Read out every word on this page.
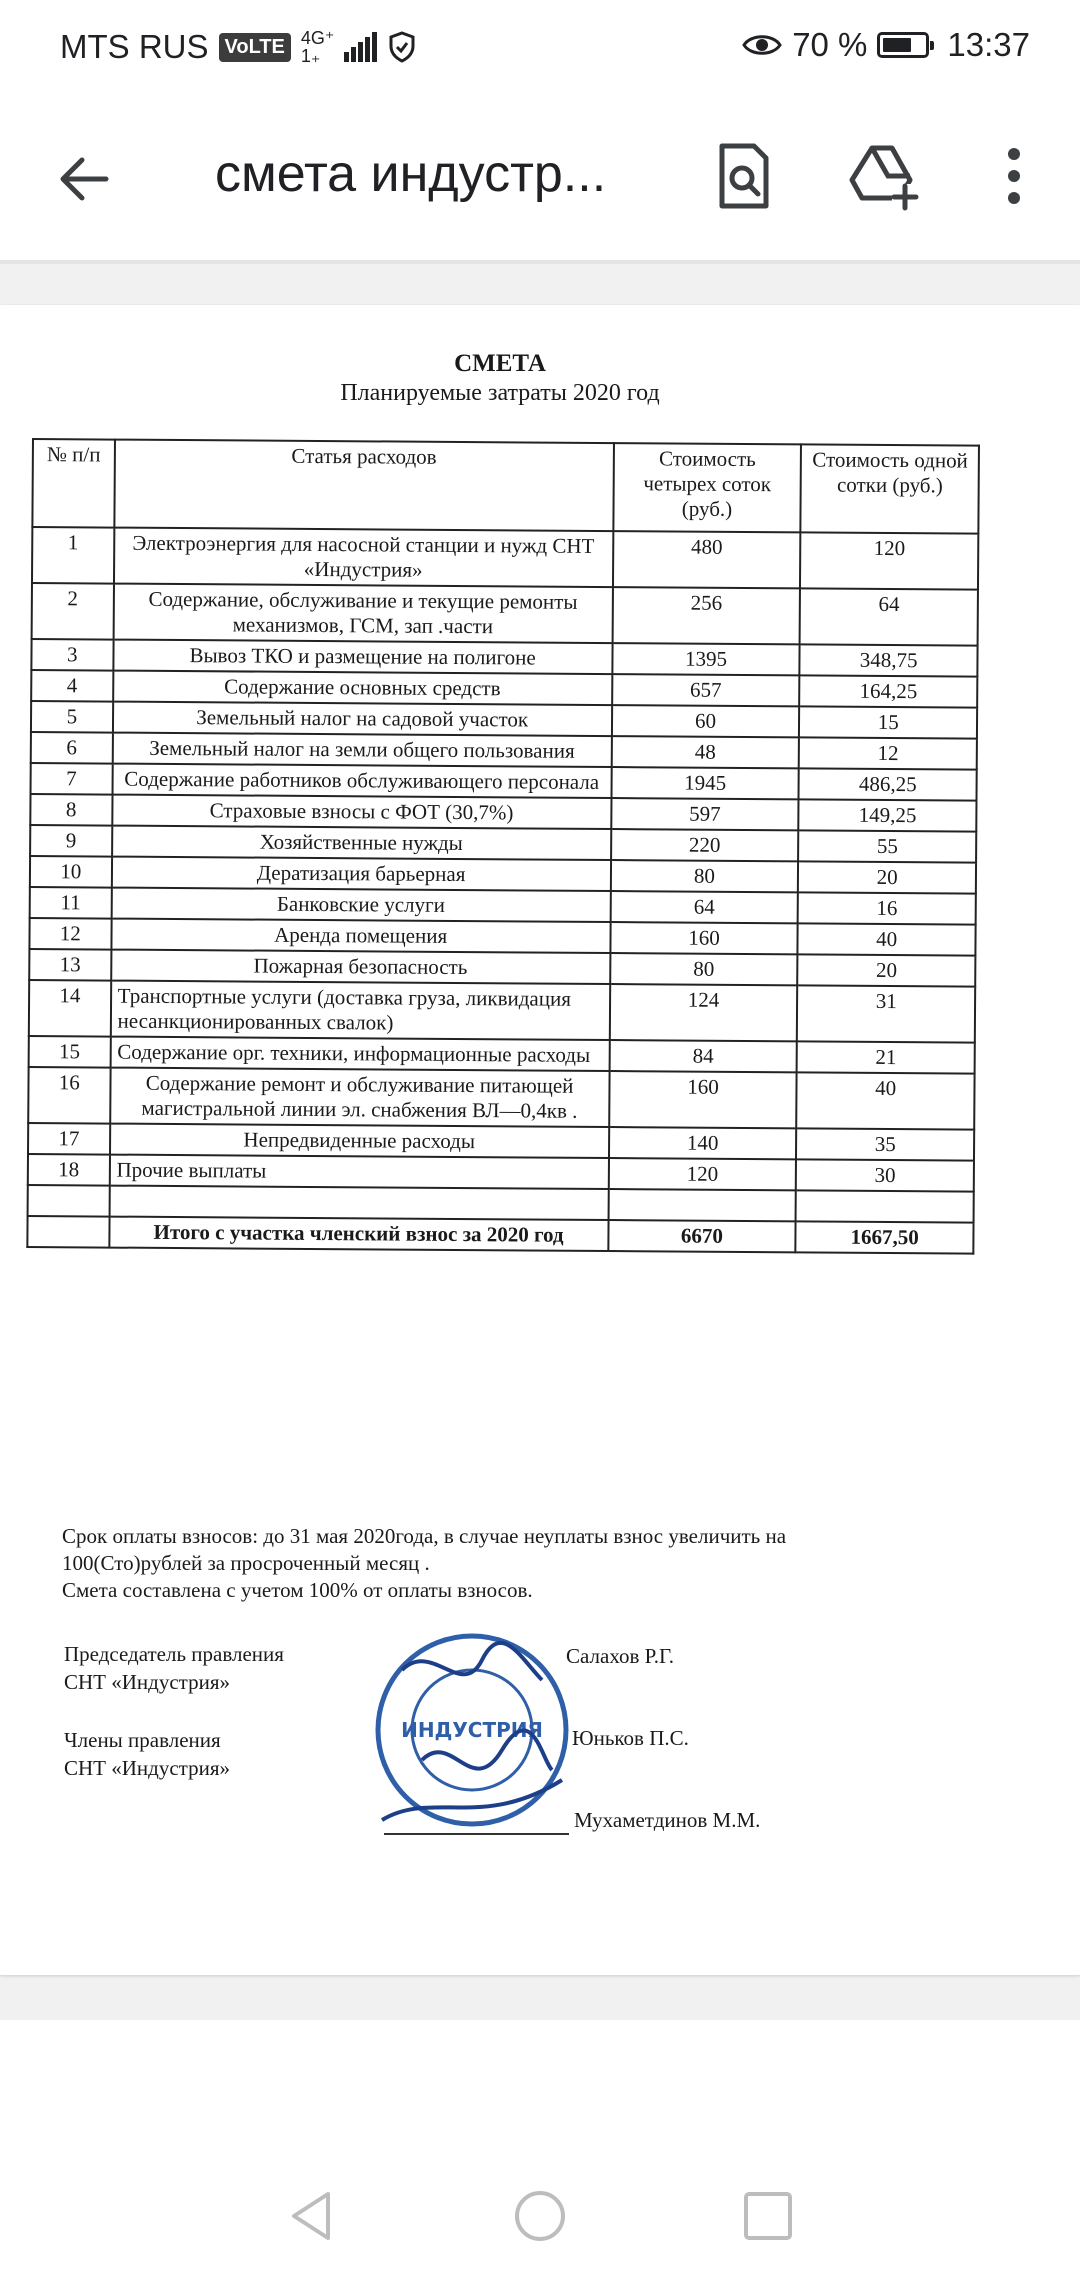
MTS RUS VoLTE 4G⁺
1₊	70 % 13:37
смета индустр...
СМЕТА
Планируемые затраты 2020 год
№ п/п	Статья расходов	Стоимость четырех соток (руб.)	Стоимость одной сотки (руб.)
1	Электроэнергия для насосной станции и нужд СНТ «Индустрия»	480	120
2	Содержание, обслуживание и текущие ремонты механизмов, ГСМ, зап .части	256	64
3	Вывоз ТКО и размещение на полигоне	1395	348,75
4	Содержание основных средств	657	164,25
5	Земельный налог на садовой участок	60	15
6	Земельный налог на земли общего пользования	48	12
7	Содержание работников обслуживающего персонала	1945	486,25
8	Страховые взносы с ФОТ (30,7%)	597	149,25
9	Хозяйственные нужды	220	55
10	Дератизация барьерная	80	20
11	Банковские услуги	64	16
12	Аренда помещения	160	40
13	Пожарная безопасность	80	20
14	Транспортные услуги (доставка груза, ликвидация несанкционированных свалок)	124	31
15	Содержание орг. техники, информационные расходы	84	21
16	Содержание ремонт и обслуживание питающей магистральной линии эл. снабжения ВЛ—0,4кв .	160	40
17	Непредвиденные расходы	140	35
18	Прочие выплаты	120	30

	Итого с участка членский взнос за 2020 год	6670	1667,50
Срок оплаты взносов: до 31 мая 2020года, в случае неуплаты взнос увеличить на
100(Сто)рублей за просроченный месяц .
Смета составлена с учетом 100% от оплаты взносов.
Председатель правления
СНТ «Индустрия»
Салахов Р.Г.
Члены правления
СНТ «Индустрия»
Юньков П.С.
Мухаметдинов М.М.
ИНДУСТРИЯ
